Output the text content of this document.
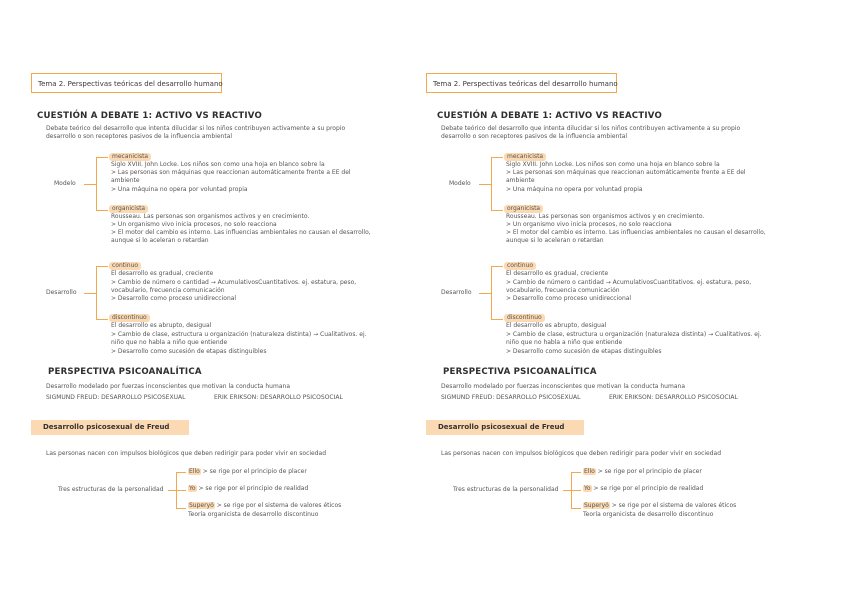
Tema 2. Perspectivas teóricas del desarrollo humano
CUESTIÓN A DEBATE 1: ACTIVO VS REACTIVO
Debate teórico del desarrollo que intenta dilucidar si los niños contribuyen activamente a su propio
desarrollo o son receptores pasivos de la influencia ambiental
Modelo
mecanicista
Siglo XVIII. John Locke. Los niños son como una hoja en blanco sobre la
> Las personas son máquinas que reaccionan automáticamente frente a EE del
ambiente
> Una máquina no opera por voluntad propia
organicista
Rousseau. Las personas son organismos activos y en crecimiento.
> Un organismo vivo inicia procesos, no solo reacciona
> El motor del cambio es interno. Las influencias ambientales no causan el desarrollo,
aunque si lo aceleran o retardan
Desarrollo
continuo
El desarrollo es gradual, creciente
> Cambio de número o cantidad → AcumulativosCuantitativos. ej. estatura, peso,
vocabulario, frecuencia comunicación
> Desarrollo como proceso unidireccional
discontinuo
El desarrollo es abrupto, desigual
> Cambio de clase, estructura u organización (naturaleza distinta) → Cualitativos. ej.
niño que no habla a niño que entiende
> Desarrollo como sucesión de etapas distinguibles
PERSPECTIVA PSICOANALÍTICA
Desarrollo modelado por fuerzas inconscientes que motivan la conducta humana
SIGMUND FREUD: DESARROLLO PSICOSEXUAL	ERIK ERIKSON: DESARROLLO PSICOSOCIAL
Desarrollo psicosexual de Freud
Las personas nacen con impulsos biológicos que deben redirigir para poder vivir en sociedad
Tres estructuras de la personalidad
Ello > se rige por el principio de placer
Yo > se rige por el principio de realidad
Superyó > se rige por el sistema de valores éticos
Teoría organicista de desarrollo discontinuo
Tema 2. Perspectivas teóricas del desarrollo humano
CUESTIÓN A DEBATE 1: ACTIVO VS REACTIVO
Debate teórico del desarrollo que intenta dilucidar si los niños contribuyen activamente a su propio
desarrollo o son receptores pasivos de la influencia ambiental
Modelo
mecanicista
Siglo XVIII. John Locke. Los niños son como una hoja en blanco sobre la
> Las personas son máquinas que reaccionan automáticamente frente a EE del
ambiente
> Una máquina no opera por voluntad propia
organicista
Rousseau. Las personas son organismos activos y en crecimiento.
> Un organismo vivo inicia procesos, no solo reacciona
> El motor del cambio es interno. Las influencias ambientales no causan el desarrollo,
aunque si lo aceleran o retardan
Desarrollo
continuo
El desarrollo es gradual, creciente
> Cambio de número o cantidad → AcumulativosCuantitativos. ej. estatura, peso,
vocabulario, frecuencia comunicación
> Desarrollo como proceso unidireccional
discontinuo
El desarrollo es abrupto, desigual
> Cambio de clase, estructura u organización (naturaleza distinta) → Cualitativos. ej.
niño que no habla a niño que entiende
> Desarrollo como sucesión de etapas distinguibles
PERSPECTIVA PSICOANALÍTICA
Desarrollo modelado por fuerzas inconscientes que motivan la conducta humana
SIGMUND FREUD: DESARROLLO PSICOSEXUAL	ERIK ERIKSON: DESARROLLO PSICOSOCIAL
Desarrollo psicosexual de Freud
Las personas nacen con impulsos biológicos que deben redirigir para poder vivir en sociedad
Tres estructuras de la personalidad
Ello > se rige por el principio de placer
Yo > se rige por el principio de realidad
Superyó > se rige por el sistema de valores éticos
Teoría organicista de desarrollo discontinuo
